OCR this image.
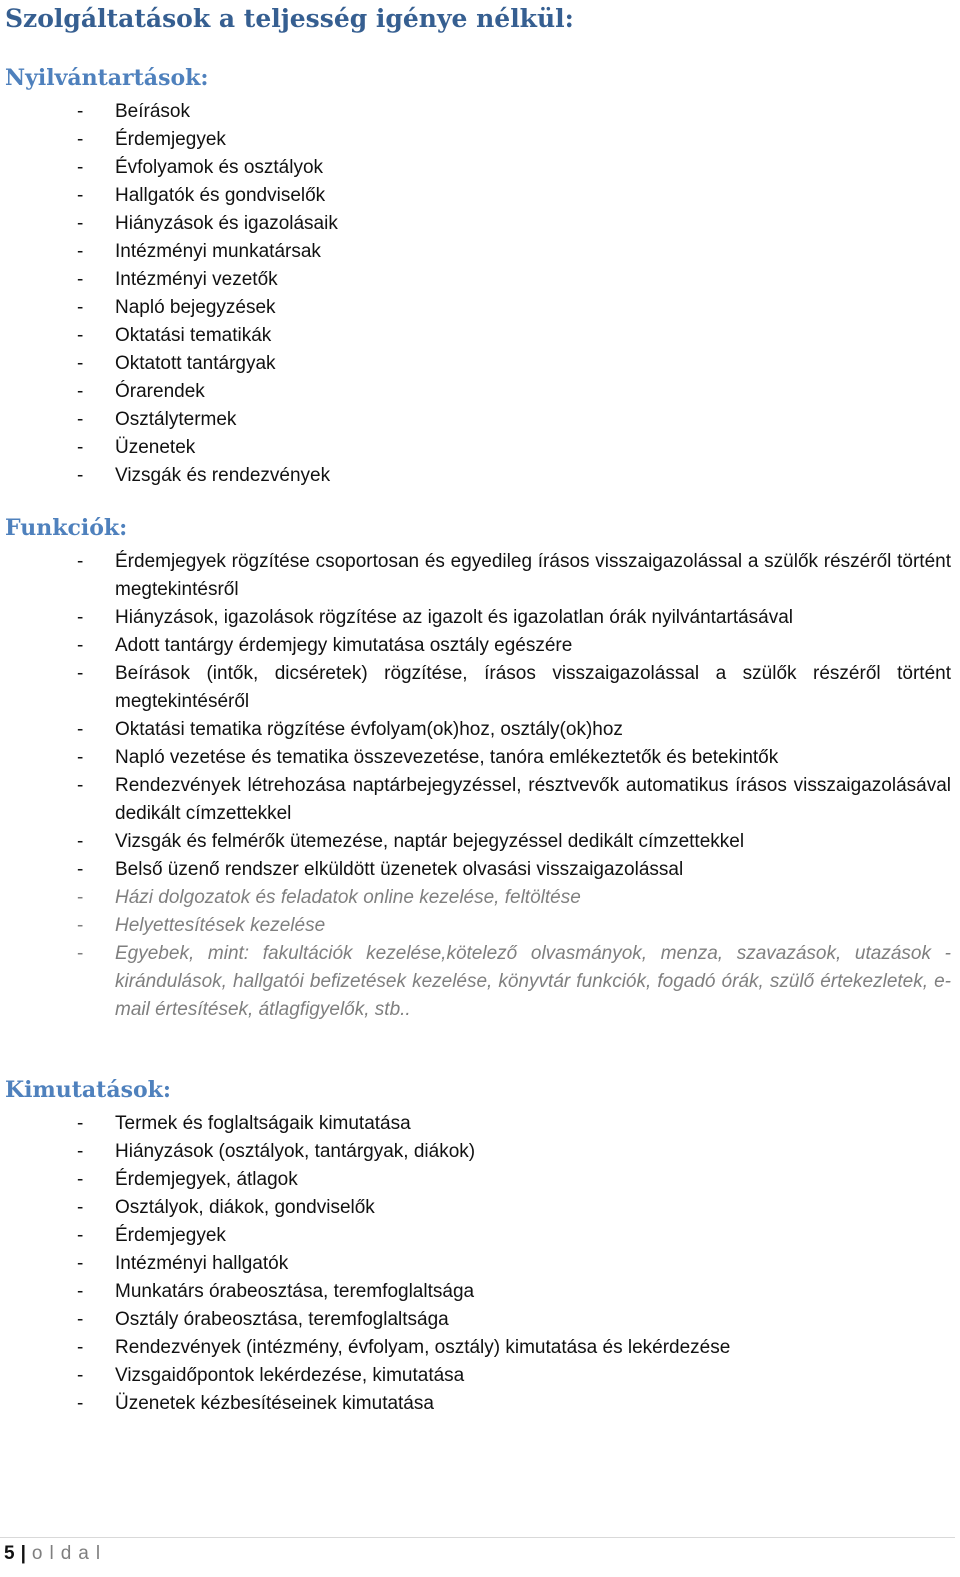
Szolgáltatások a teljesség igénye nélkül:
Nyilvántartások:
- Beírások
- Érdemjegyek
- Évfolyamok és osztályok
- Hallgatók és gondviselők
- Hiányzások és igazolásaik
- Intézményi munkatársak
- Intézményi vezetők
- Napló bejegyzések
- Oktatási tematikák
- Oktatott tantárgyak
- Órarendek
- Osztálytermek
- Üzenetek
- Vizsgák és rendezvények
Funkciók:
- Érdemjegyek rögzítése csoportosan és egyedileg írásos visszaigazolással a szülők részéről történt megtekintésről
- Hiányzások, igazolások rögzítése az igazolt és igazolatlan órák nyilvántartásával
- Adott tantárgy érdemjegy kimutatása osztály egészére
- Beírások (intők, dicséretek) rögzítése, írásos visszaigazolással a szülők részéről történt megtekintéséről
- Oktatási tematika rögzítése évfolyam(ok)hoz, osztály(ok)hoz
- Napló vezetése és tematika összevezetése, tanóra emlékeztetők és betekintők
- Rendezvények létrehozása naptárbejegyzéssel, résztvevők automatikus írásos visszaigazolásával dedikált címzettekkel
- Vizsgák és felmérők ütemezése, naptár bejegyzéssel dedikált címzettekkel
- Belső üzenő rendszer elküldött üzenetek olvasási visszaigazolással
- Házi dolgozatok és feladatok online kezelése, feltöltése
- Helyettesítések kezelése
- Egyebek, mint: fakultációk kezelése,kötelező olvasmányok, menza, szavazások, utazások - kirándulások, hallgatói befizetések kezelése, könyvtár funkciók, fogadó órák, szülő értekezletek, e-mail értesítések, átlagfigyelők, stb..
Kimutatások:
- Termek és foglaltságaik kimutatása
- Hiányzások (osztályok, tantárgyak, diákok)
- Érdemjegyek, átlagok
- Osztályok, diákok, gondviselők
- Érdemjegyek
- Intézményi hallgatók
- Munkatárs órabeosztása, teremfoglaltsága
- Osztály órabeosztása, teremfoglaltsága
- Rendezvények (intézmény, évfolyam, osztály) kimutatása és lekérdezése
- Vizsgaidőpontok lekérdezése, kimutatása
- Üzenetek kézbesítéseinek kimutatása
5 | oldal
